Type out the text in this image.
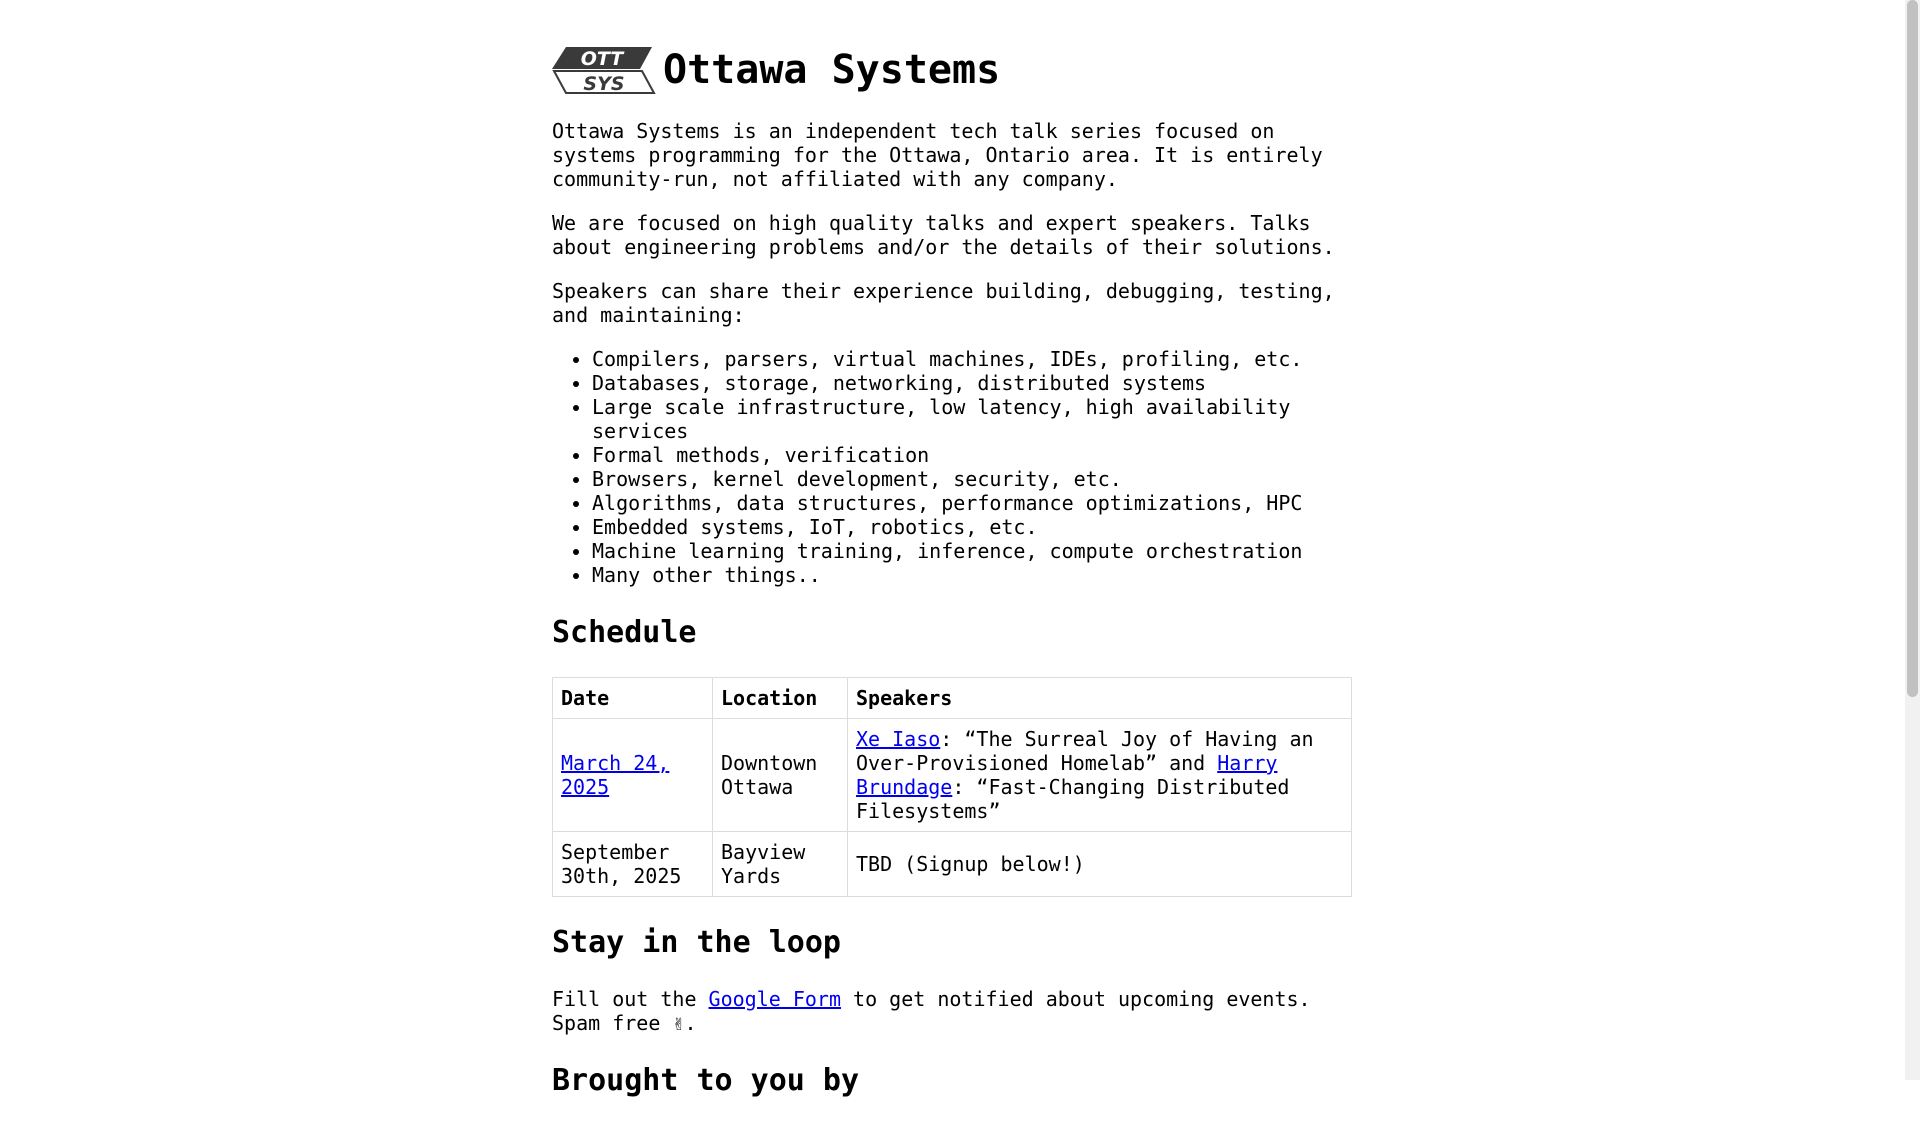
OTT
SYS Ottawa Systems

Ottawa Systems is an independent tech talk series focused on systems programming for the Ottawa, Ontario area. It is entirely community-run, not affiliated with any company.

We are focused on high quality talks and expert speakers. Talks about engineering problems and/or the details of their solutions.

Speakers can share their experience building, debugging, testing, and maintaining:

• Compilers, parsers, virtual machines, IDEs, profiling, etc.
• Databases, storage, networking, distributed systems
• Large scale infrastructure, low latency, high availability services
• Formal methods, verification
• Browsers, kernel development, security, etc.
• Algorithms, data structures, performance optimizations, HPC
• Embedded systems, IoT, robotics, etc.
• Machine learning training, inference, compute orchestration
• Many other things..
Schedule
Date	Location	Speakers
March 24, 2025	Downtown Ottawa	Xe Iaso: “The Surreal Joy of Having an Over-Provisioned Homelab” and Harry Brundage: “Fast-Changing Distributed Filesystems”
September 30th, 2025	Bayview Yards	TBD (Signup below!)
Stay in the loop

Fill out the Google Form to get notified about upcoming events. Spam free ✌.

Brought to you by
